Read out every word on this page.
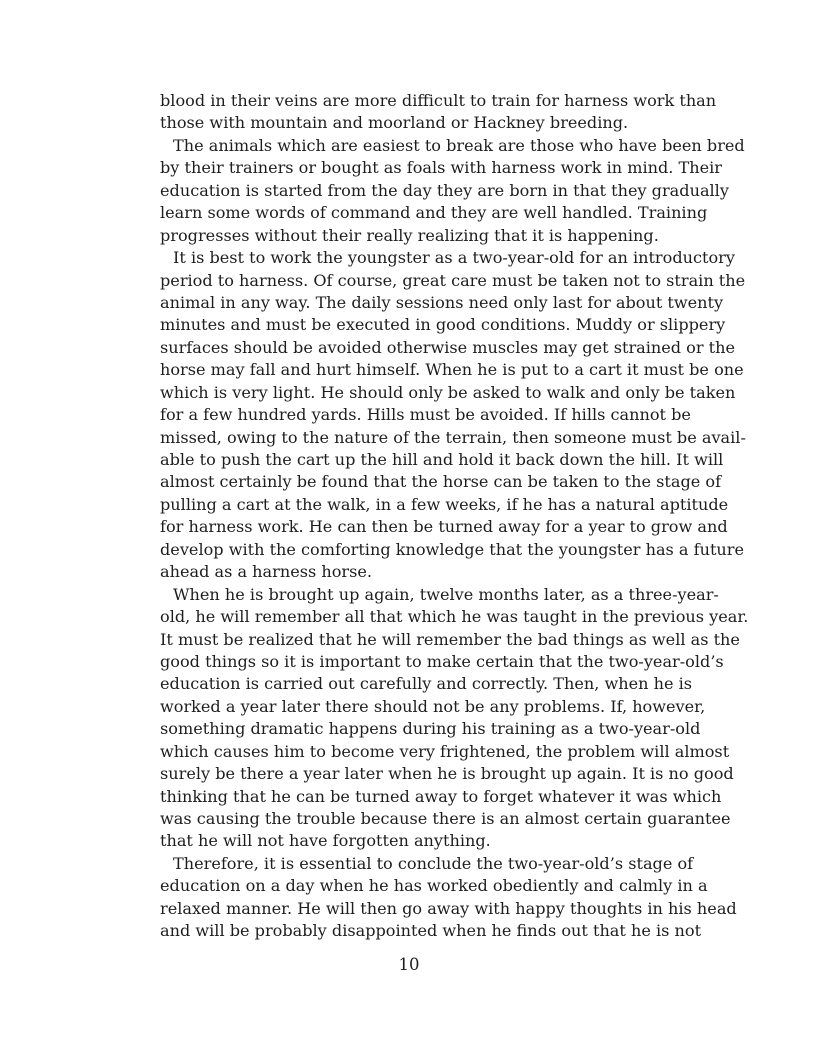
blood in their veins are more difficult to train for harness work than
those with mountain and moorland or Hackney breeding.
The animals which are easiest to break are those who have been bred
by their trainers or bought as foals with harness work in mind. Their
education is started from the day they are born in that they gradually
learn some words of command and they are well handled. Training
progresses without their really realizing that it is happening.
It is best to work the youngster as a two-year-old for an introductory
period to harness. Of course, great care must be taken not to strain the
animal in any way. The daily sessions need only last for about twenty
minutes and must be executed in good conditions. Muddy or slippery
surfaces should be avoided otherwise muscles may get strained or the
horse may fall and hurt himself. When he is put to a cart it must be one
which is very light. He should only be asked to walk and only be taken
for a few hundred yards. Hills must be avoided. If hills cannot be
missed, owing to the nature of the terrain, then someone must be avail-
able to push the cart up the hill and hold it back down the hill. It will
almost certainly be found that the horse can be taken to the stage of
pulling a cart at the walk, in a few weeks, if he has a natural aptitude
for harness work. He can then be turned away for a year to grow and
develop with the comforting knowledge that the youngster has a future
ahead as a harness horse.
When he is brought up again, twelve months later, as a three-year-
old, he will remember all that which he was taught in the previous year.
It must be realized that he will remember the bad things as well as the
good things so it is important to make certain that the two-year-old’s
education is carried out carefully and correctly. Then, when he is
worked a year later there should not be any problems. If, however,
something dramatic happens during his training as a two-year-old
which causes him to become very frightened, the problem will almost
surely be there a year later when he is brought up again. It is no good
thinking that he can be turned away to forget whatever it was which
was causing the trouble because there is an almost certain guarantee
that he will not have forgotten anything.
Therefore, it is essential to conclude the two-year-old’s stage of
education on a day when he has worked obediently and calmly in a
relaxed manner. He will then go away with happy thoughts in his head
and will be probably disappointed when he finds out that he is not
10
